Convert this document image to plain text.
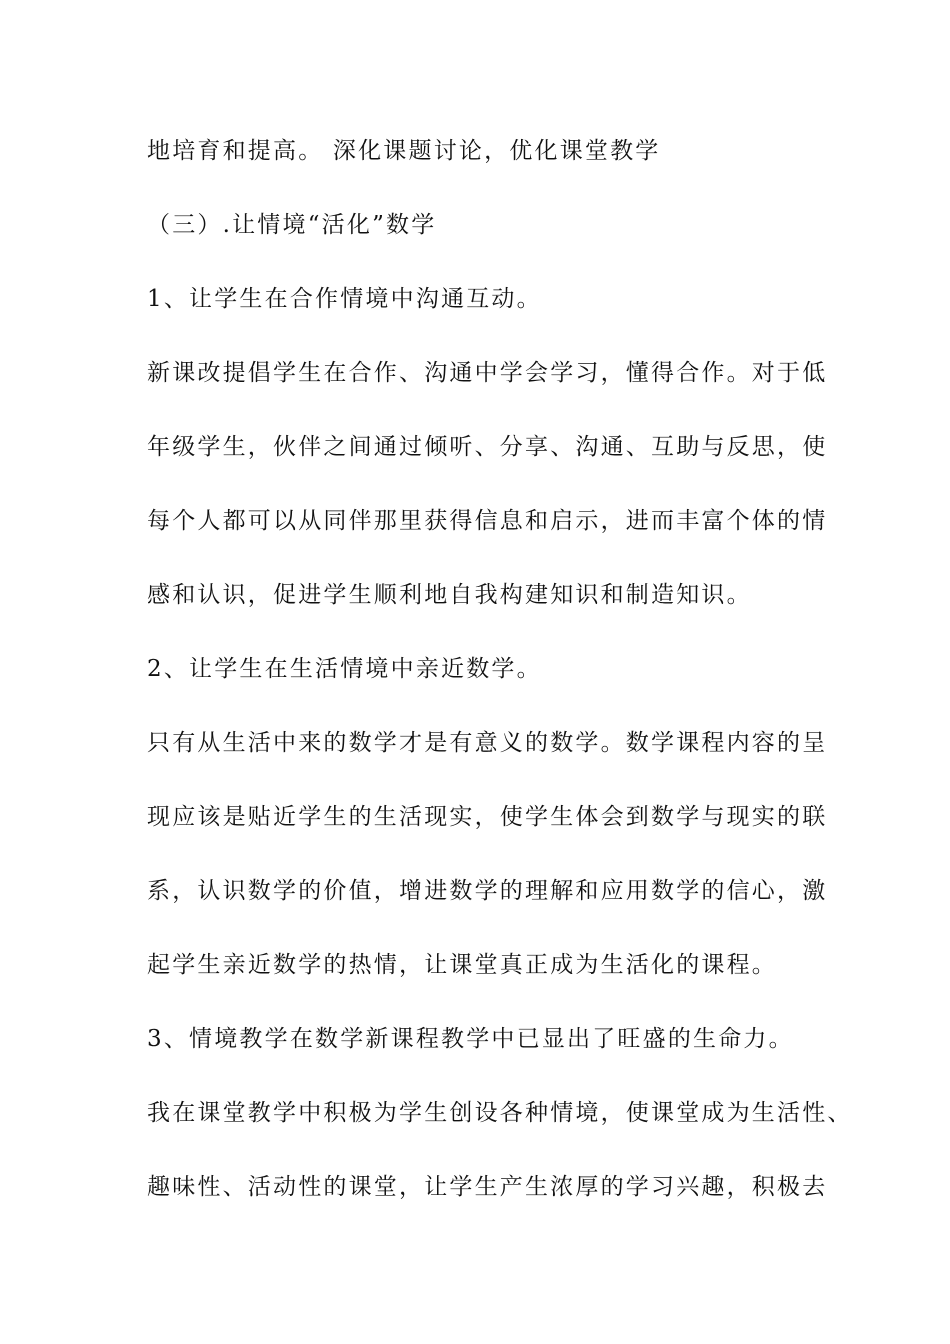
地培育和提高。 深化课题讨论，优化课堂教学

（三）.让情境“活化”数学

1、让学生在合作情境中沟通互动。

新课改提倡学生在合作、沟通中学会学习，懂得合作。对于低

年级学生，伙伴之间通过倾听、分享、沟通、互助与反思，使

每个人都可以从同伴那里获得信息和启示，进而丰富个体的情

感和认识，促进学生顺利地自我构建知识和制造知识。

2、让学生在生活情境中亲近数学。

只有从生活中来的数学才是有意义的数学。数学课程内容的呈

现应该是贴近学生的生活现实，使学生体会到数学与现实的联

系，认识数学的价值，增进数学的理解和应用数学的信心，激

起学生亲近数学的热情，让课堂真正成为生活化的课程。

3、情境教学在数学新课程教学中已显出了旺盛的生命力。

我在课堂教学中积极为学生创设各种情境，使课堂成为生活性、

趣味性、活动性的课堂，让学生产生浓厚的学习兴趣，积极去
